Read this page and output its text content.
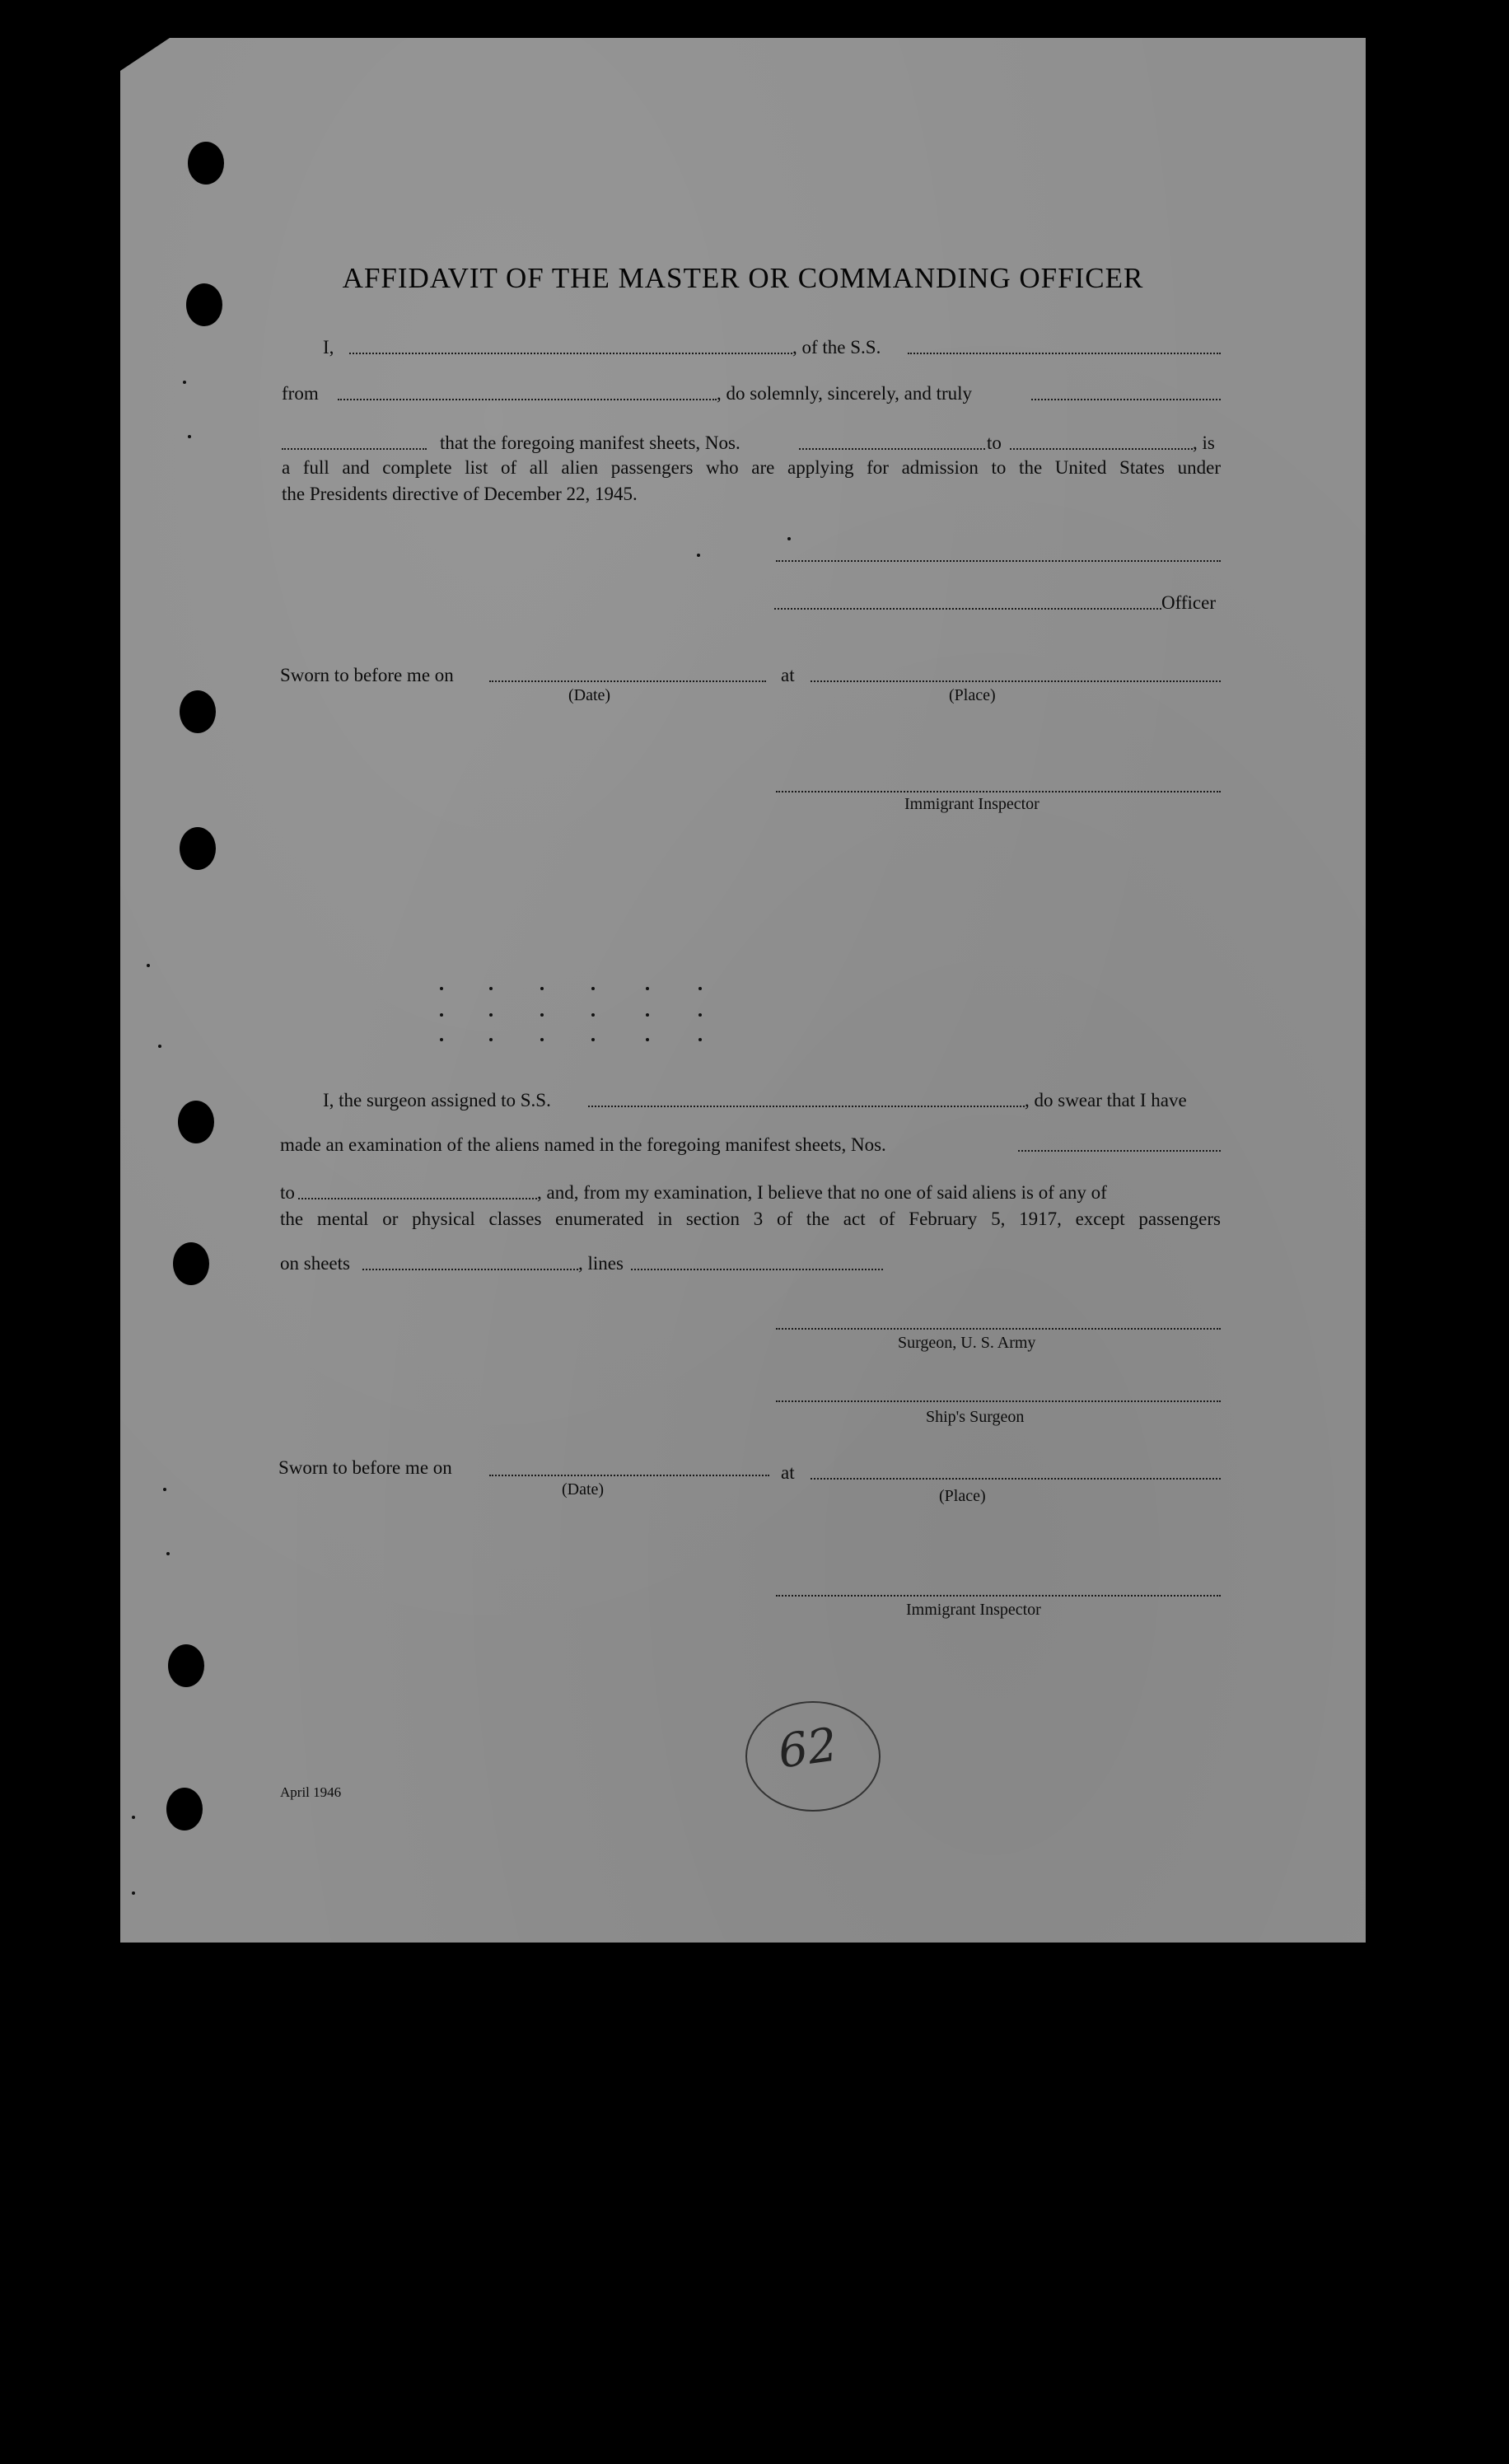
AFFIDAVIT OF THE MASTER OR COMMANDING OFFICER
I,	, of the S.S.
from	, do solemnly, sincerely, and truly
that the foregoing manifest sheets, Nos.	to	, is
a full and complete list of all alien passengers who are applying for admission to the United States under
the Presidents directive of December 22, 1945.
Officer
Sworn to before me on	at
(Date)	(Place)
Immigrant Inspector
I, the surgeon assigned to S.S.	, do swear that I have
made an examination of the aliens named in the foregoing manifest sheets, Nos.
to	, and, from my examination, I believe that no one of said aliens is of any of
the mental or physical classes enumerated in section 3 of the act of February 5, 1917, except passengers
on sheets	, lines
Surgeon, U. S. Army
Ship's Surgeon
Sworn to before me on	at
(Date)	(Place)
Immigrant Inspector
62
April 1946
